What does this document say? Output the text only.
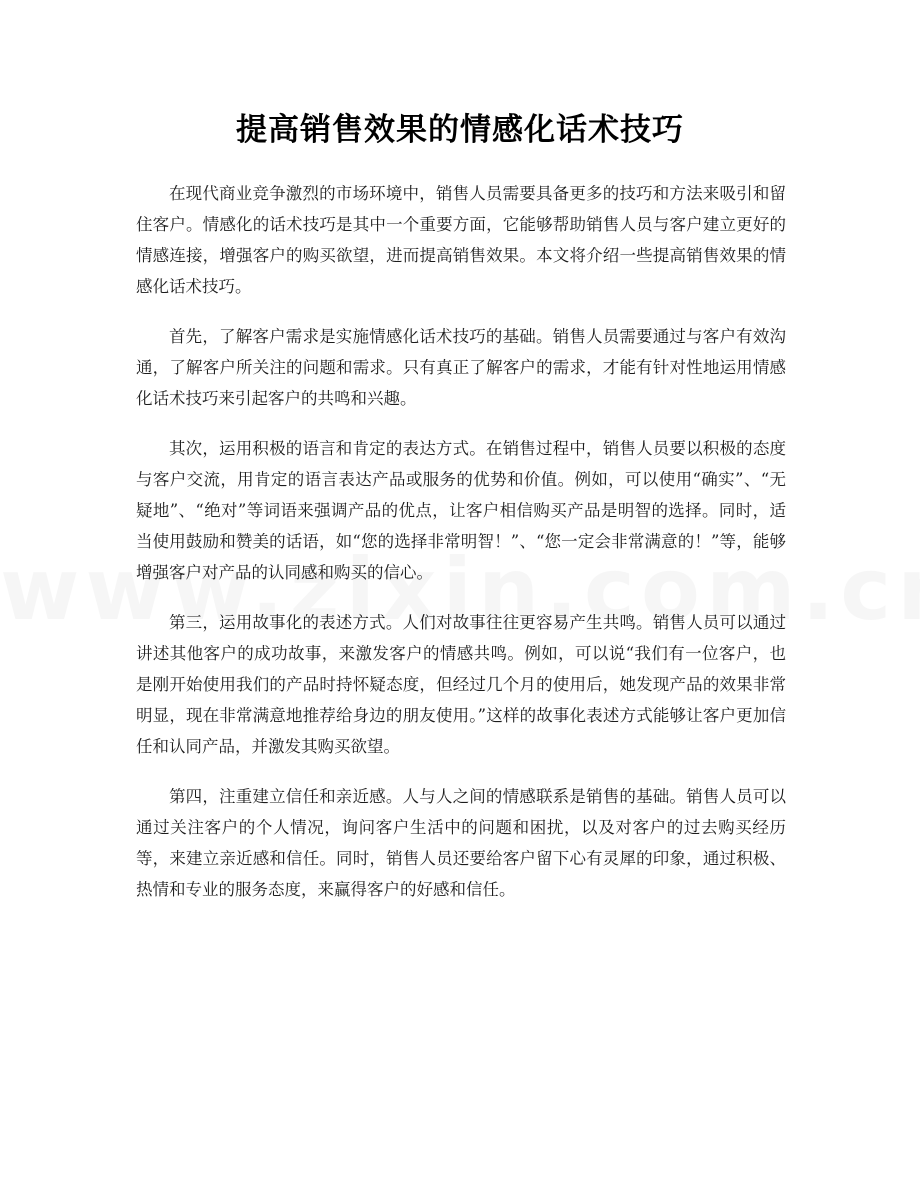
提高销售效果的情感化话术技巧

在现代商业竞争激烈的市场环境中，销售人员需要具备更多的技巧和方法来吸引和留住客户。情感化的话术技巧是其中一个重要方面，它能够帮助销售人员与客户建立更好的情感连接，增强客户的购买欲望，进而提高销售效果。本文将介绍一些提高销售效果的情感化话术技巧。

首先，了解客户需求是实施情感化话术技巧的基础。销售人员需要通过与客户有效沟通，了解客户所关注的问题和需求。只有真正了解客户的需求，才能有针对性地运用情感化话术技巧来引起客户的共鸣和兴趣。

其次，运用积极的语言和肯定的表达方式。在销售过程中，销售人员要以积极的态度与客户交流，用肯定的语言表达产品或服务的优势和价值。例如，可以使用“确实”、“无疑地”、“绝对”等词语来强调产品的优点，让客户相信购买产品是明智的选择。同时，适当使用鼓励和赞美的话语，如“您的选择非常明智！”、“您一定会非常满意的！”等，能够增强客户对产品的认同感和购买的信心。

第三，运用故事化的表述方式。人们对故事往往更容易产生共鸣。销售人员可以通过讲述其他客户的成功故事，来激发客户的情感共鸣。例如，可以说“我们有一位客户，也是刚开始使用我们的产品时持怀疑态度，但经过几个月的使用后，她发现产品的效果非常明显，现在非常满意地推荐给身边的朋友使用。”这样的故事化表述方式能够让客户更加信任和认同产品，并激发其购买欲望。

第四，注重建立信任和亲近感。人与人之间的情感联系是销售的基础。销售人员可以通过关注客户的个人情况，询问客户生活中的问题和困扰，以及对客户的过去购买经历等，来建立亲近感和信任。同时，销售人员还要给客户留下心有灵犀的印象，通过积极、热情和专业的服务态度，来赢得客户的好感和信任。
